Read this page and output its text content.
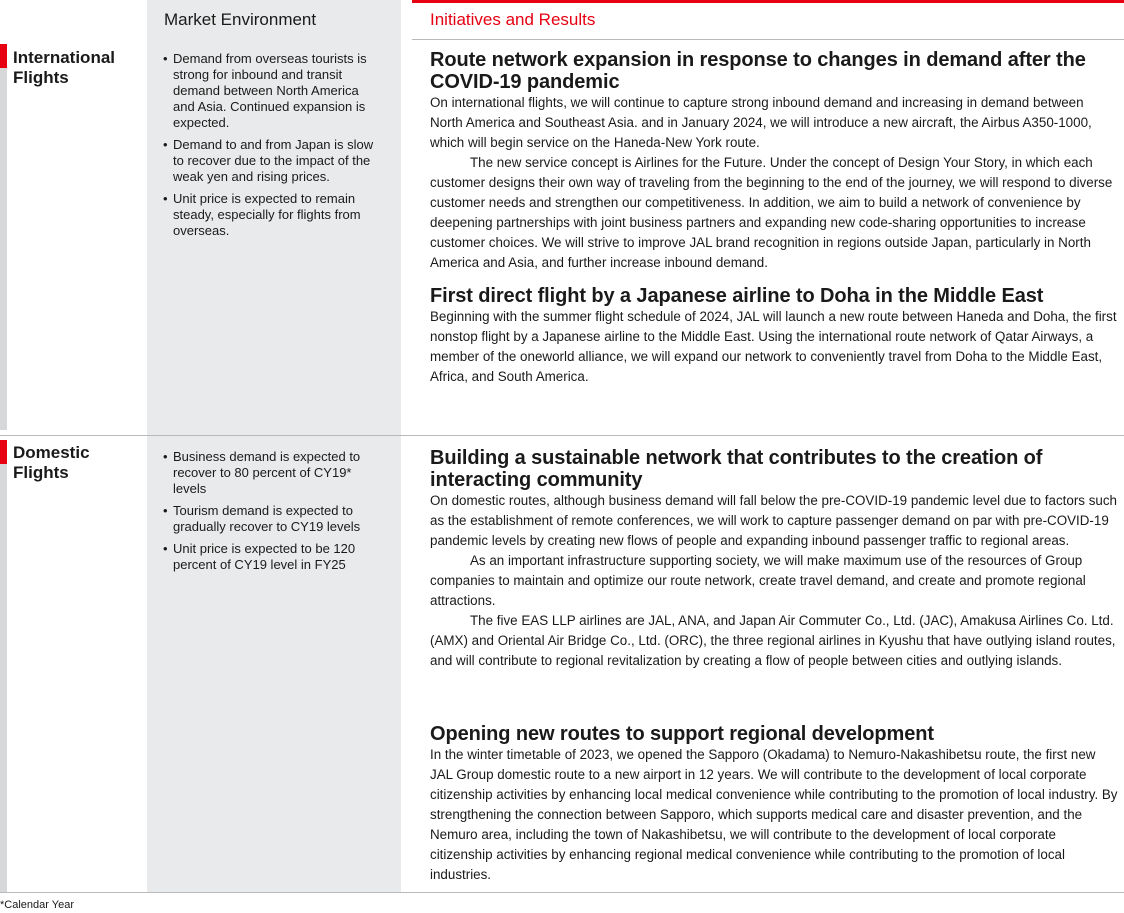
Market Environment	Initiatives and Results
International
Flights
• Demand from overseas tourists is strong for inbound and transit demand between North America and Asia. Continued expansion is expected.
• Demand to and from Japan is slow to recover due to the impact of the weak yen and rising prices.
• Unit price is expected to remain steady, especially for flights from overseas.
Route network expansion in response to changes in demand after the COVID-19 pandemic

On international flights, we will continue to capture strong inbound demand and increasing in demand between North America and Southeast Asia. and in January 2024, we will introduce a new aircraft, the Airbus A350-1000, which will begin service on the Haneda-New York route.

The new service concept is Airlines for the Future. Under the concept of Design Your Story, in which each customer designs their own way of traveling from the beginning to the end of the journey, we will respond to diverse customer needs and strengthen our competitiveness. In addition, we aim to build a network of convenience by deepening partnerships with joint business partners and expanding new code-sharing opportunities to increase customer choices. We will strive to improve JAL brand recognition in regions outside Japan, particularly in North America and Asia, and further increase inbound demand.

First direct flight by a Japanese airline to Doha in the Middle East

Beginning with the summer flight schedule of 2024, JAL will launch a new route between Haneda and Doha, the first nonstop flight by a Japanese airline to the Middle East. Using the international route network of Qatar Airways, a member of the oneworld alliance, we will expand our network to conveniently travel from Doha to the Middle East, Africa, and South America.

Domestic
Flights
• Business demand is expected to recover to 80 percent of CY19* levels
• Tourism demand is expected to gradually recover to CY19 levels
• Unit price is expected to be 120 percent of CY19 level in FY25
Building a sustainable network that contributes to the creation of interacting community

On domestic routes, although business demand will fall below the pre-COVID-19 pandemic level due to factors such as the establishment of remote conferences, we will work to capture passenger demand on par with pre-COVID-19 pandemic levels by creating new flows of people and expanding inbound passenger traffic to regional areas.

As an important infrastructure supporting society, we will make maximum use of the resources of Group companies to maintain and optimize our route network, create travel demand, and create and promote regional attractions.

The five EAS LLP airlines are JAL, ANA, and Japan Air Commuter Co., Ltd. (JAC), Amakusa Airlines Co. Ltd. (AMX) and Oriental Air Bridge Co., Ltd. (ORC), the three regional airlines in Kyushu that have outlying island routes, and will contribute to regional revitalization by creating a flow of people between cities and outlying islands.

Opening new routes to support regional development

In the winter timetable of 2023, we opened the Sapporo (Okadama) to Nemuro-Nakashibetsu route, the first new JAL Group domestic route to a new airport in 12 years. We will contribute to the development of local corporate citizenship activities by enhancing local medical convenience while contributing to the promotion of local industry. By strengthening the connection between Sapporo, which supports medical care and disaster prevention, and the Nemuro area, including the town of Nakashibetsu, we will contribute to the development of local corporate citizenship activities by enhancing regional medical convenience while contributing to the promotion of local industries.

*Calendar Year
